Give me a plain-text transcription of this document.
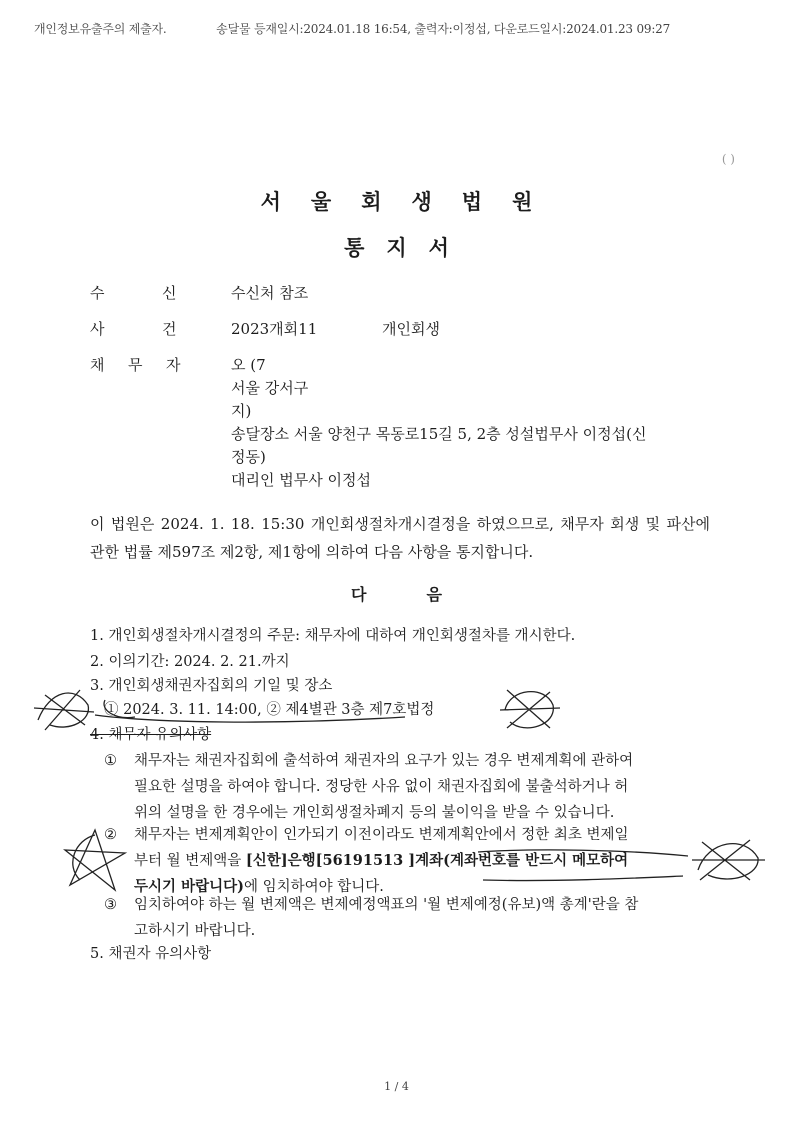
개인정보유출주의 제출자.	송달물 등재일시:2024.01.18 16:54, 출력자:이정섭, 다운로드일시:2024.01.23 09:27
( )
서울회생법원
통지서
수	신	수신처 참조
사	건	2023개회11	개인회생
채 무 자	오 (7
서울 강서구
지)
송달장소 서울 양천구 목동로15길 5, 2층 성설법무사 이정섭(신
정동)
대리인 법무사 이정섭
이 법원은 2024. 1. 18. 15:30 개인회생절차개시결정을 하였으므로, 채무자 회생 및 파산에 관한 법률 제597조 제2항, 제1항에 의하여 다음 사항을 통지합니다.
다음
1. 개인회생절차개시결정의 주문: 채무자에 대하여 개인회생절차를 개시한다.
2. 이의기간: 2024. 2. 21.까지
3. 개인회생채권자집회의 기일 및 장소
① 2024. 3. 11. 14:00, ② 제4별관 3층 제7호법정
4. 채무자 유의사항
① 채무자는 채권자집회에 출석하여 채권자의 요구가 있는 경우 변제계획에 관하여
필요한 설명을 하여야 합니다. 정당한 사유 없이 채권자집회에 불출석하거나 허
위의 설명을 한 경우에는 개인회생절차폐지 등의 불이익을 받을 수 있습니다.
② 채무자는 변제계획안이 인가되기 이전이라도 변제계획안에서 정한 최초 변제일
부터 월 변제액을 [신한]은행[56191513 ]계좌(계좌번호를 반드시 메모하여
두시기 바랍니다)에 임치하여야 합니다.
③ 임치하여야 하는 월 변제액은 변제예정액표의 '월 변제예정(유보)액 총계'란을 참
고하시기 바랍니다.
5. 채권자 유의사항
1 / 4
